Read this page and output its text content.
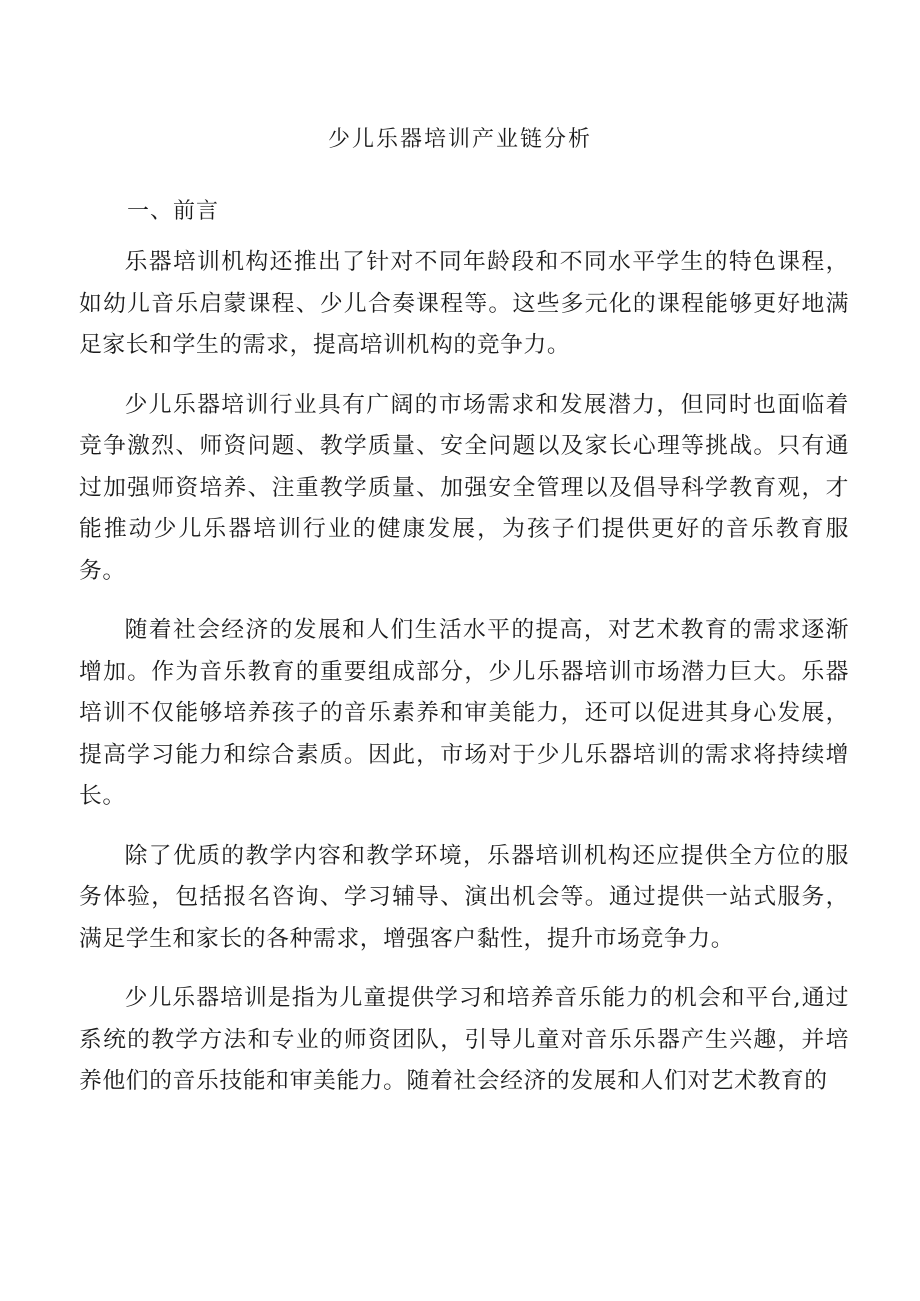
少儿乐器培训产业链分析
一、前言

乐器培训机构还推出了针对不同年龄段和不同水平学生的特色课程，如幼儿音乐启蒙课程、少儿合奏课程等。这些多元化的课程能够更好地满足家长和学生的需求，提高培训机构的竞争力。

少儿乐器培训行业具有广阔的市场需求和发展潜力，但同时也面临着竞争激烈、师资问题、教学质量、安全问题以及家长心理等挑战。只有通过加强师资培养、注重教学质量、加强安全管理以及倡导科学教育观，才能推动少儿乐器培训行业的健康发展，为孩子们提供更好的音乐教育服务。

随着社会经济的发展和人们生活水平的提高，对艺术教育的需求逐渐增加。作为音乐教育的重要组成部分，少儿乐器培训市场潜力巨大。乐器培训不仅能够培养孩子的音乐素养和审美能力，还可以促进其身心发展，提高学习能力和综合素质。因此，市场对于少儿乐器培训的需求将持续增长。

除了优质的教学内容和教学环境，乐器培训机构还应提供全方位的服务体验，包括报名咨询、学习辅导、演出机会等。通过提供一站式服务，满足学生和家长的各种需求，增强客户黏性，提升市场竞争力。

少儿乐器培训是指为儿童提供学习和培养音乐能力的机会和平台,通过系统的教学方法和专业的师资团队，引导儿童对音乐乐器产生兴趣，并培养他们的音乐技能和审美能力。随着社会经济的发展和人们对艺术教育的
